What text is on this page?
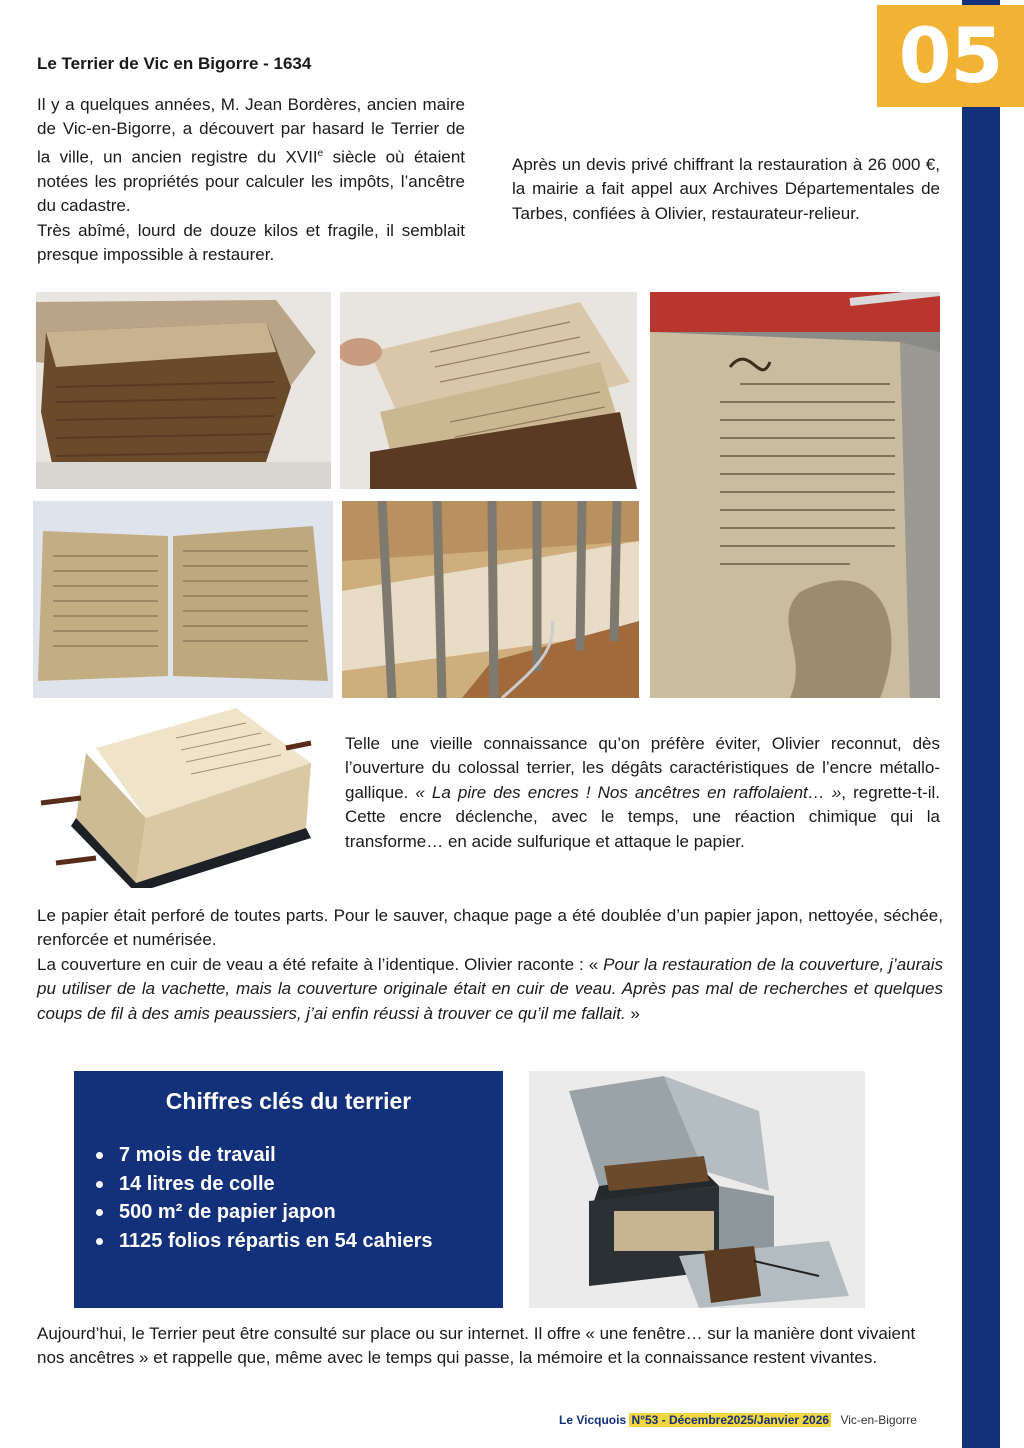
05
Le Terrier de Vic en Bigorre - 1634

Il y a quelques années, M. Jean Bordères, ancien maire de Vic-en-Bigorre, a découvert par hasard le Terrier de la ville, un ancien registre du XVIIe siècle où étaient notées les propriétés pour calculer les impôts, l’ancêtre du cadastre.
Très abîmé, lourd de douze kilos et fragile, il semblait presque impossible à restaurer.

Après un devis privé chiffrant la restauration à 26 000 €, la mairie a fait appel aux Archives Départementales de Tarbes, confiées à Olivier, restaurateur-relieur.

Telle une vieille connaissance qu’on préfère éviter, Olivier reconnut, dès l’ouverture du colossal terrier, les dégâts caractéristiques de l’encre métallo-gallique. « La pire des encres ! Nos ancêtres en raffolaient… », regrette-t-il. Cette encre déclenche, avec le temps, une réaction chimique qui la transforme… en acide sulfurique et attaque le papier.

Le papier était perforé de toutes parts. Pour le sauver, chaque page a été doublée d’un papier japon, nettoyée, séchée, renforcée et numérisée.
La couverture en cuir de veau a été refaite à l’identique. Olivier raconte : « Pour la restauration de la couverture, j’aurais pu utiliser de la vachette, mais la couverture originale était en cuir de veau. Après pas mal de recherches et quelques coups de fil à des amis peaussiers, j’ai enfin réussi à trouver ce qu’il me fallait. »

Chiffres clés du terrier
7 mois de travail
14 litres de colle
500 m² de papier japon
1125 folios répartis en 54 cahiers

Aujourd’hui, le Terrier peut être consulté sur place ou sur internet. Il offre « une fenêtre… sur la manière dont vivaient nos ancêtres » et rappelle que, même avec le temps qui passe, la mémoire et la connaissance restent vivantes.

Le Vicquois N°53 - Décembre2025/Janvier 2026 Vic-en-Bigorre
